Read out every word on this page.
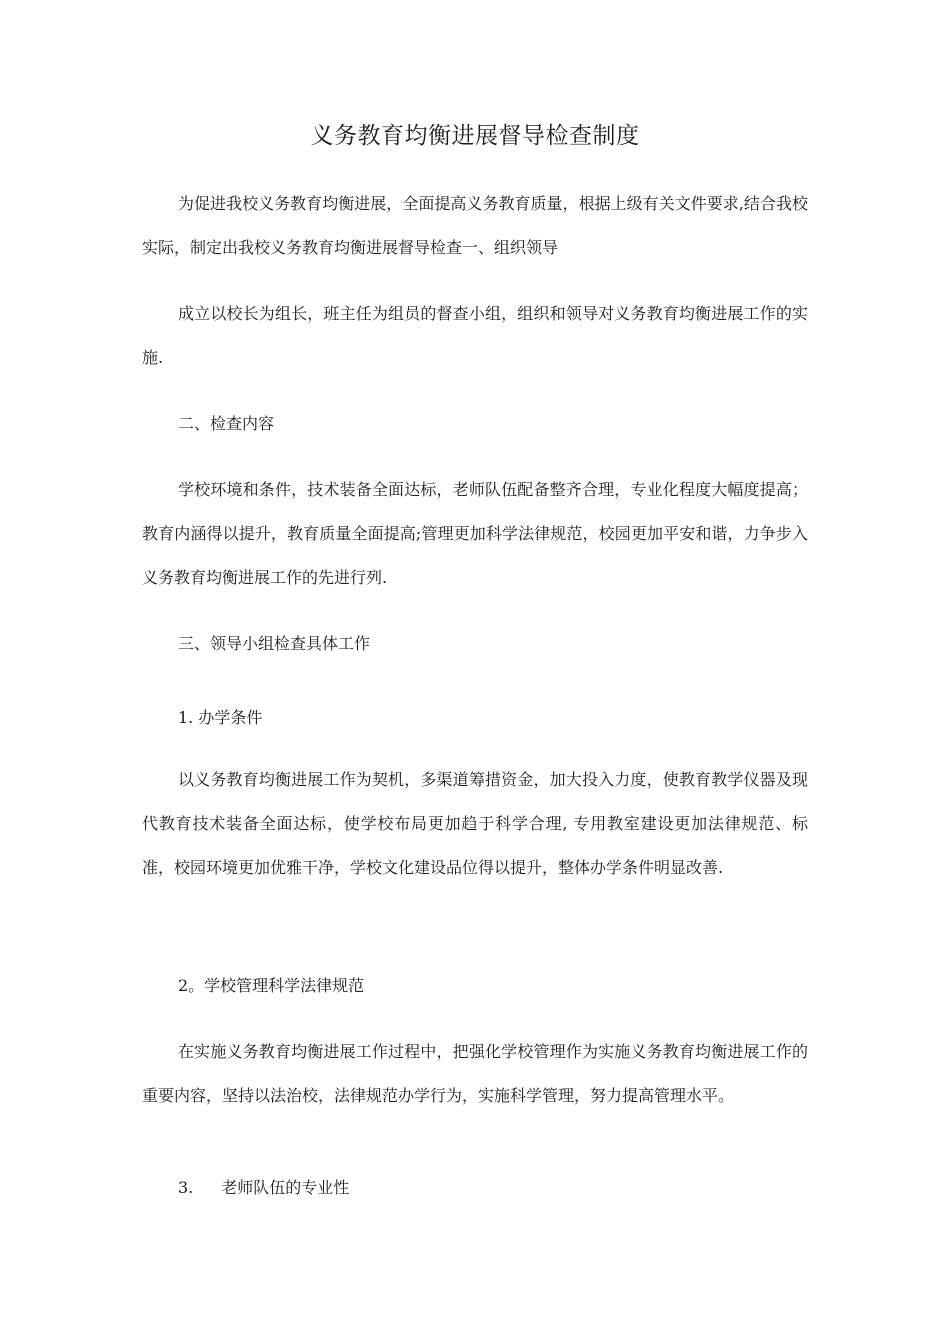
义务教育均衡进展督导检查制度

为促进我校义务教育均衡进展，全面提高义务教育质量，根据上级有关文件要求,结合我校实际，制定出我校义务教育均衡进展督导检查一、组织领导

成立以校长为组长，班主任为组员的督查小组，组织和领导对义务教育均衡进展工作的实施.

二、检查内容

学校环境和条件，技术装备全面达标，老师队伍配备整齐合理，专业化程度大幅度提高；教育内涵得以提升，教育质量全面提高;管理更加科学法律规范，校园更加平安和谐，力争步入义务教育均衡进展工作的先进行列.

三、领导小组检查具体工作

1. 办学条件

以义务教育均衡进展工作为契机，多渠道筹措资金，加大投入力度，使教育教学仪器及现代教育技术装备全面达标，使学校布局更加趋于科学合理, 专用教室建设更加法律规范、标准，校园环境更加优雅干净，学校文化建设品位得以提升，整体办学条件明显改善.

2。学校管理科学法律规范

在实施义务教育均衡进展工作过程中，把强化学校管理作为实施义务教育均衡进展工作的重要内容，坚持以法治校，法律规范办学行为，实施科学管理，努力提高管理水平。

3. 老师队伍的专业性
